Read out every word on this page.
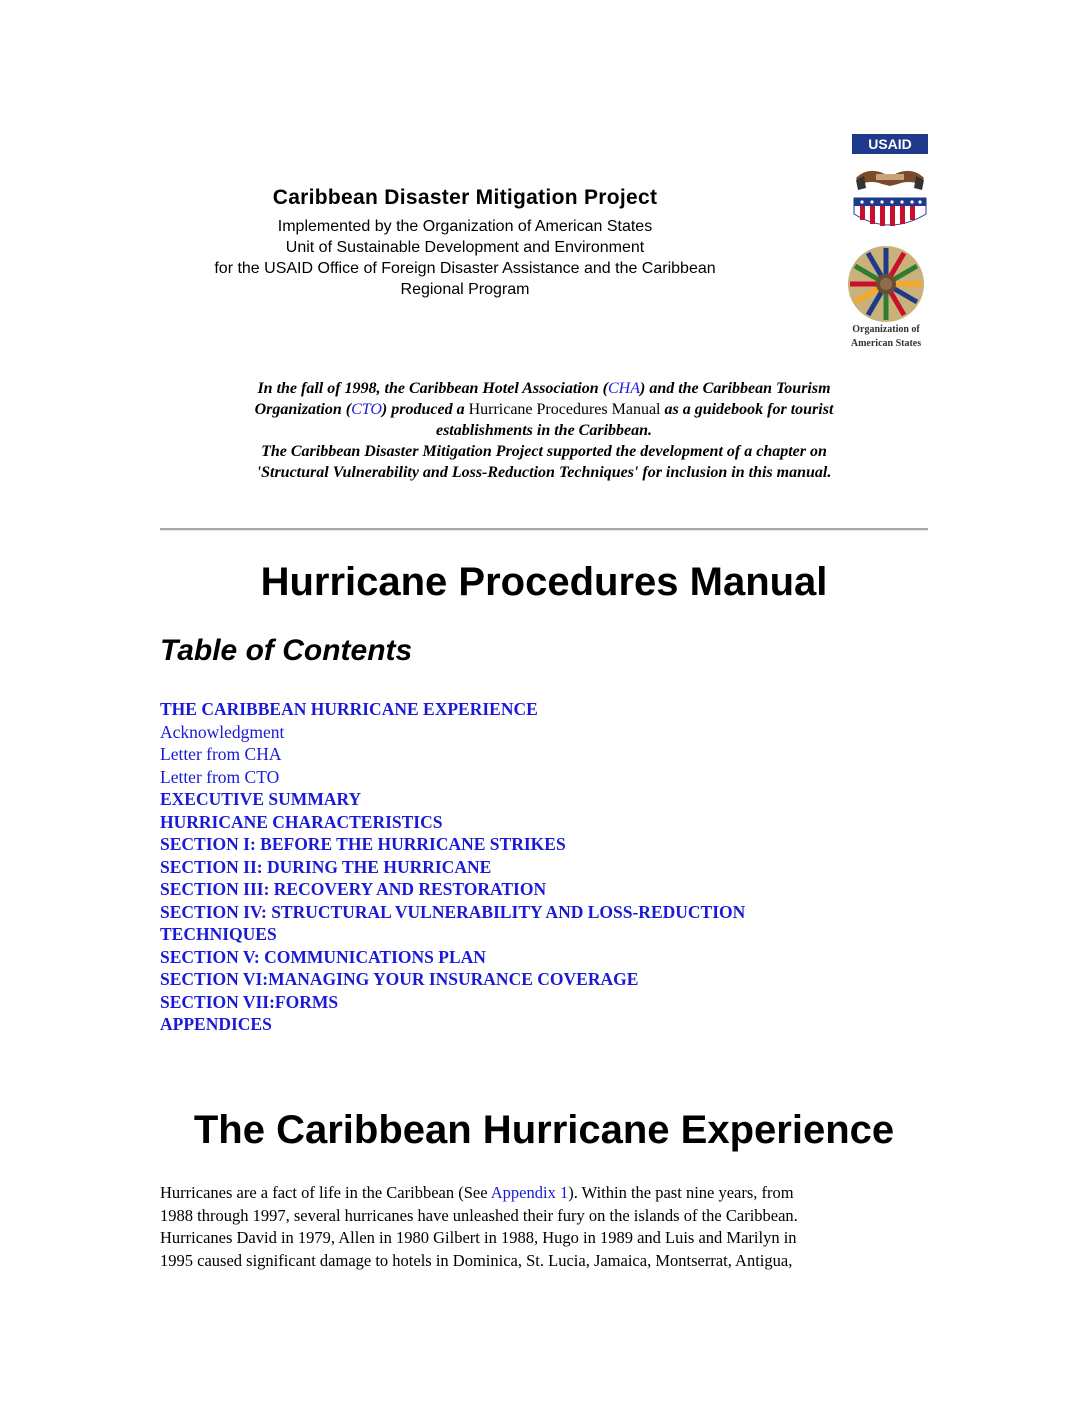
Caribbean Disaster Mitigation Project
Implemented by the Organization of American States
Unit of Sustainable Development and Environment
for the USAID Office of Foreign Disaster Assistance and the Caribbean
Regional Program
USAID
Organization of
American States
In the fall of 1998, the Caribbean Hotel Association (CHA) and the Caribbean Tourism
Organization (CTO) produced a Hurricane Procedures Manual as a guidebook for tourist
establishments in the Caribbean.
The Caribbean Disaster Mitigation Project supported the development of a chapter on
'Structural Vulnerability and Loss-Reduction Techniques' for inclusion in this manual.
Hurricane Procedures Manual
Table of Contents
THE CARIBBEAN HURRICANE EXPERIENCE
Acknowledgment
Letter from CHA
Letter from CTO
EXECUTIVE SUMMARY
HURRICANE CHARACTERISTICS
SECTION I: BEFORE THE HURRICANE STRIKES
SECTION II: DURING THE HURRICANE
SECTION III: RECOVERY AND RESTORATION
SECTION IV: STRUCTURAL VULNERABILITY AND LOSS-REDUCTION
TECHNIQUES
SECTION V: COMMUNICATIONS PLAN
SECTION VI:MANAGING YOUR INSURANCE COVERAGE
SECTION VII:FORMS
APPENDICES
The Caribbean Hurricane Experience
Hurricanes are a fact of life in the Caribbean (See Appendix 1). Within the past nine years, from
1988 through 1997, several hurricanes have unleashed their fury on the islands of the Caribbean.
Hurricanes David in 1979, Allen in 1980 Gilbert in 1988, Hugo in 1989 and Luis and Marilyn in
1995 caused significant damage to hotels in Dominica, St. Lucia, Jamaica, Montserrat, Antigua,
